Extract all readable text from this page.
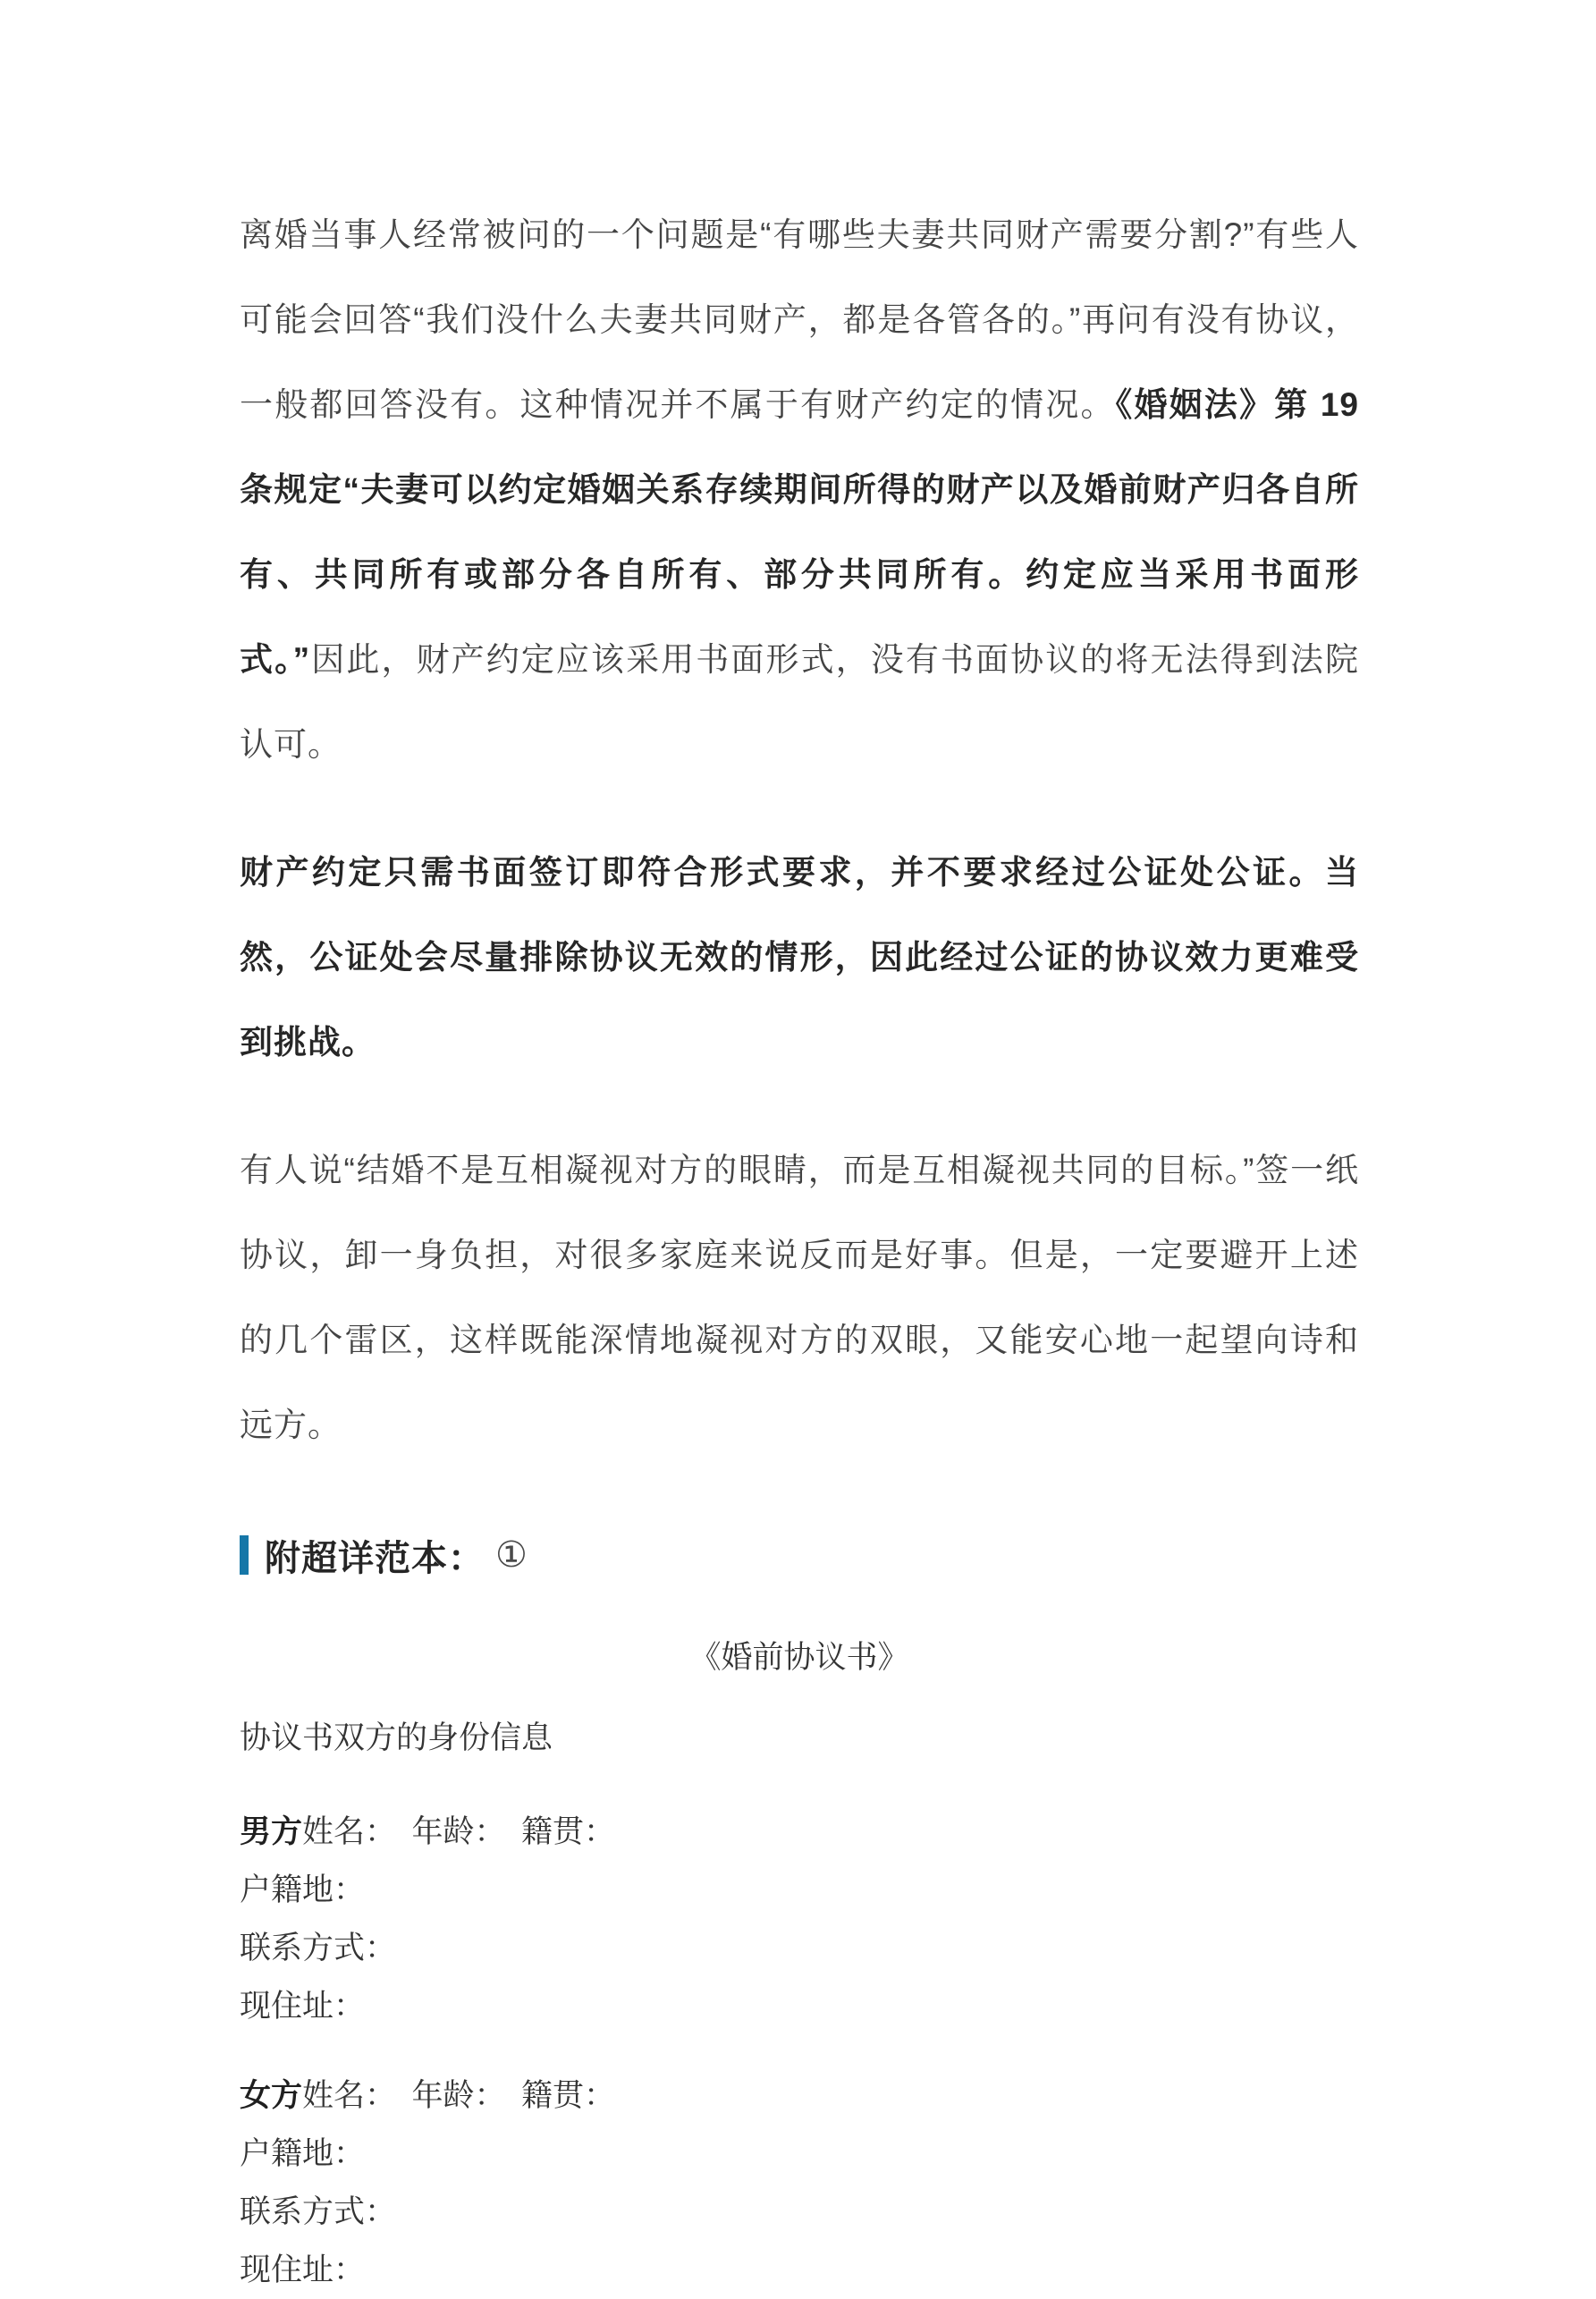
离婚当事人经常被问的一个问题是“有哪些夫妻共同财产需要分割?”有些人可能会回答“我们没什么夫妻共同财产，都是各管各的。”再问有没有协议，一般都回答没有。这种情况并不属于有财产约定的情况。《婚姻法》第 19 条规定“夫妻可以约定婚姻关系存续期间所得的财产以及婚前财产归各自所有、共同所有或部分各自所有、部分共同所有。约定应当采用书面形式。”因此，财产约定应该采用书面形式，没有书面协议的将无法得到法院认可。

财产约定只需书面签订即符合形式要求，并不要求经过公证处公证。当然，公证处会尽量排除协议无效的情形，因此经过公证的协议效力更难受到挑战。

有人说“结婚不是互相凝视对方的眼睛，而是互相凝视共同的目标。”签一纸协议，卸一身负担，对很多家庭来说反而是好事。但是，一定要避开上述的几个雷区，这样既能深情地凝视对方的双眼，又能安心地一起望向诗和远方。

附超详范本： ①
《婚前协议书》
协议书双方的身份信息
男方姓名：　年龄：　籍贯：
户籍地：
联系方式：
现住址：
女方姓名：　年龄：　籍贯：
户籍地：
联系方式：
现住址：
